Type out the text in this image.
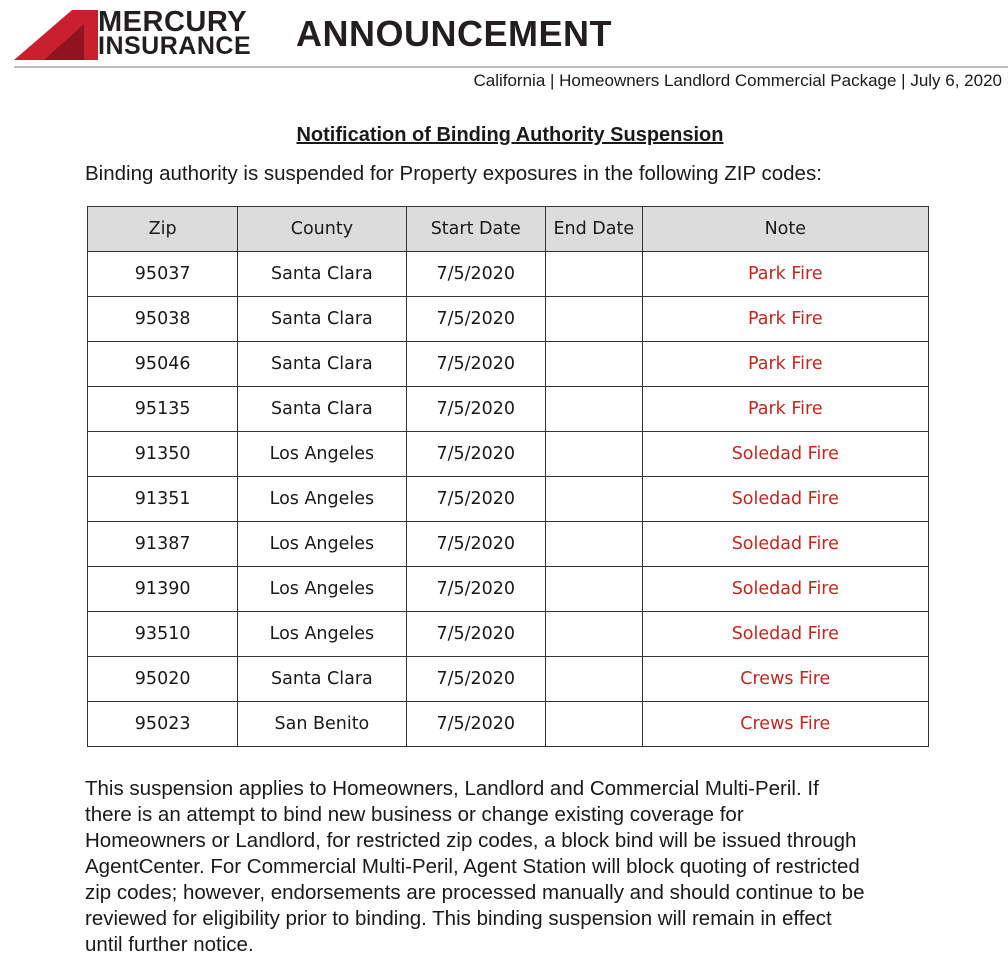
MERCURY
INSURANCE ANNOUNCEMENT
California | Homeowners Landlord Commercial Package | July 6, 2020
Notification of Binding Authority Suspension
Binding authority is suspended for Property exposures in the following ZIP codes:
Zip	County	Start Date	End Date	Note
95037	Santa Clara	7/5/2020		Park Fire
95038	Santa Clara	7/5/2020		Park Fire
95046	Santa Clara	7/5/2020		Park Fire
95135	Santa Clara	7/5/2020		Park Fire
91350	Los Angeles	7/5/2020		Soledad Fire
91351	Los Angeles	7/5/2020		Soledad Fire
91387	Los Angeles	7/5/2020		Soledad Fire
91390	Los Angeles	7/5/2020		Soledad Fire
93510	Los Angeles	7/5/2020		Soledad Fire
95020	Santa Clara	7/5/2020		Crews Fire
95023	San Benito	7/5/2020		Crews Fire
This suspension applies to Homeowners, Landlord and Commercial Multi-Peril. If
there is an attempt to bind new business or change existing coverage for
Homeowners or Landlord, for restricted zip codes, a block bind will be issued through
AgentCenter. For Commercial Multi-Peril, Agent Station will block quoting of restricted
zip codes; however, endorsements are processed manually and should continue to be
reviewed for eligibility prior to binding. This binding suspension will remain in effect
until further notice.
